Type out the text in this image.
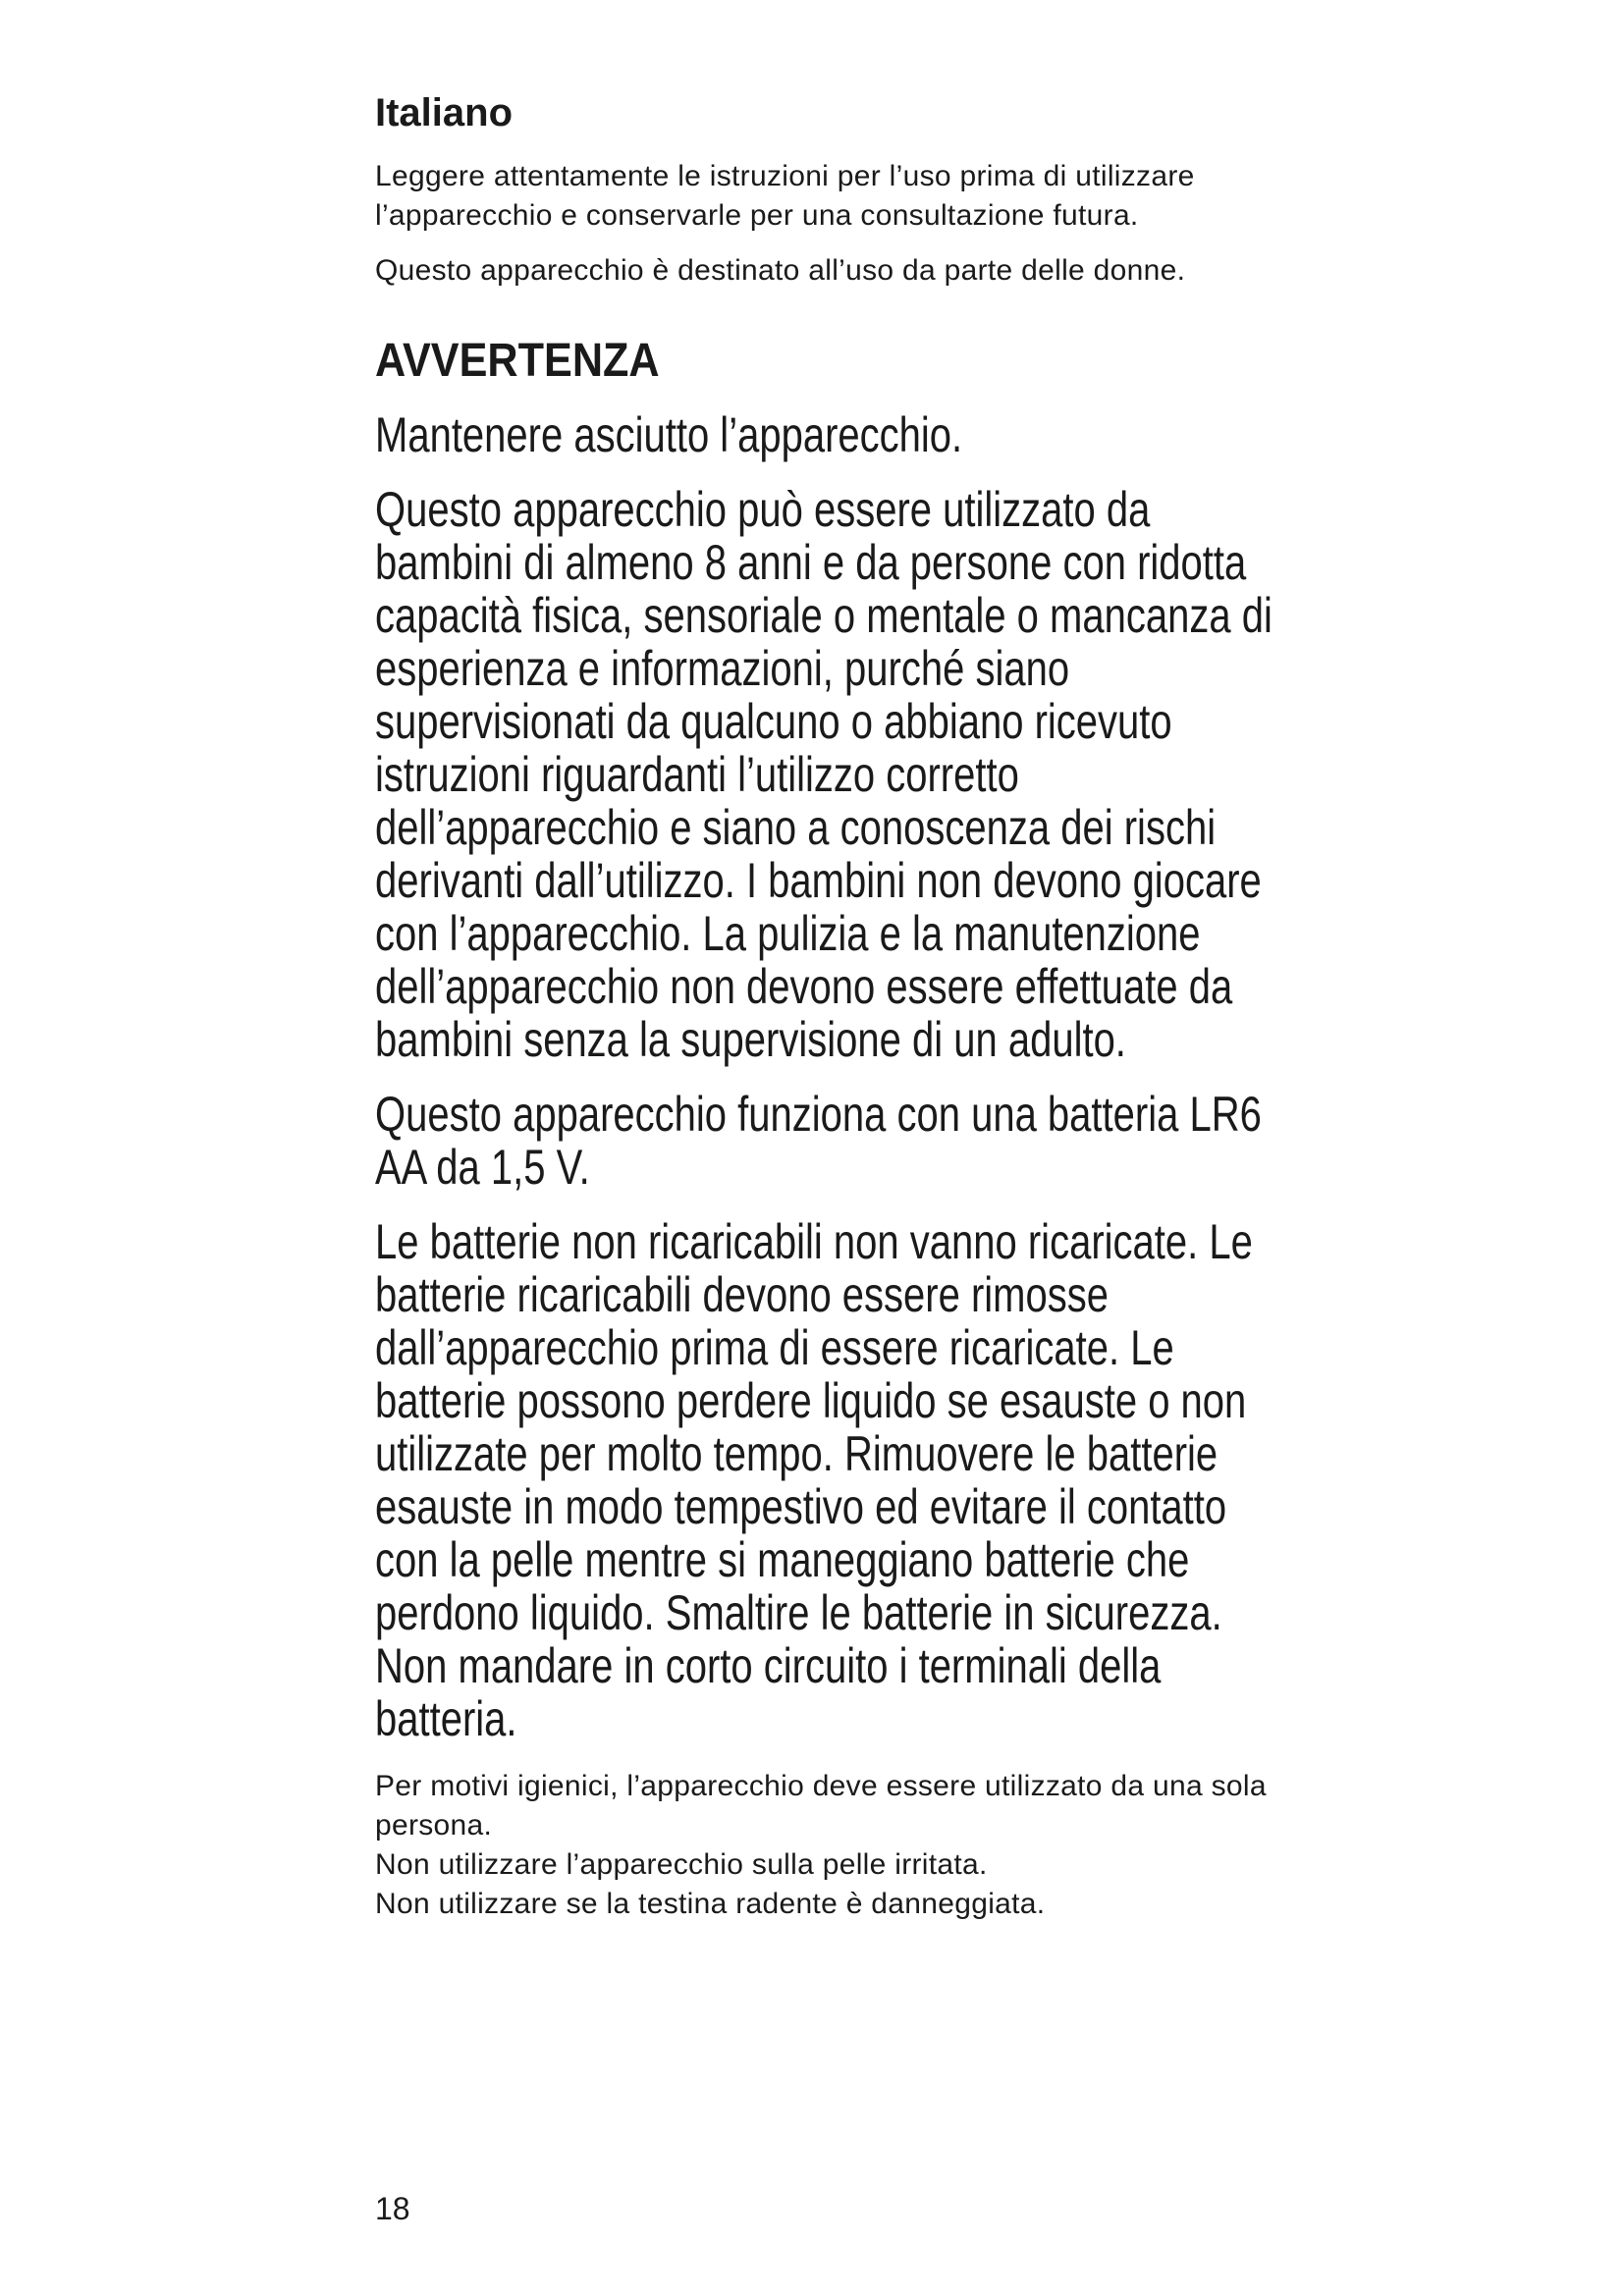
Italiano

Leggere attentamente le istruzioni per l’uso prima di utilizzare l’apparecchio e conservarle per una consultazione futura.

Questo apparecchio è destinato all’uso da parte delle donne.

AVVERTENZA

Mantenere asciutto l’apparecchio.

Questo apparecchio può essere utilizzato da bambini di almeno 8 anni e da persone con ridotta capacità fisica, sensoriale o mentale o mancanza di esperienza e informazioni, purché siano supervisionati da qualcuno o abbiano ricevuto istruzioni riguardanti l’utilizzo corretto dell’apparecchio e siano a conoscenza dei rischi derivanti dall’utilizzo. I bambini non devono giocare con l’apparecchio. La pulizia e la manutenzione dell’apparecchio non devono essere effettuate da bambini senza la supervisione di un adulto.

Questo apparecchio funziona con una batteria LR6 AA da 1,5 V.

Le batterie non ricaricabili non vanno ricaricate. Le batterie ricaricabili devono essere rimosse dall’apparecchio prima di essere ricaricate. Le batterie possono perdere liquido se esauste o non utilizzate per molto tempo. Rimuovere le batterie esauste in modo tempestivo ed evitare il contatto con la pelle mentre si maneggiano batterie che perdono liquido. Smaltire le batterie in sicurezza. Non mandare in corto circuito i terminali della batteria.

Per motivi igienici, l’apparecchio deve essere utilizzato da una sola persona.

Non utilizzare l’apparecchio sulla pelle irritata.

Non utilizzare se la testina radente è danneggiata.

18
